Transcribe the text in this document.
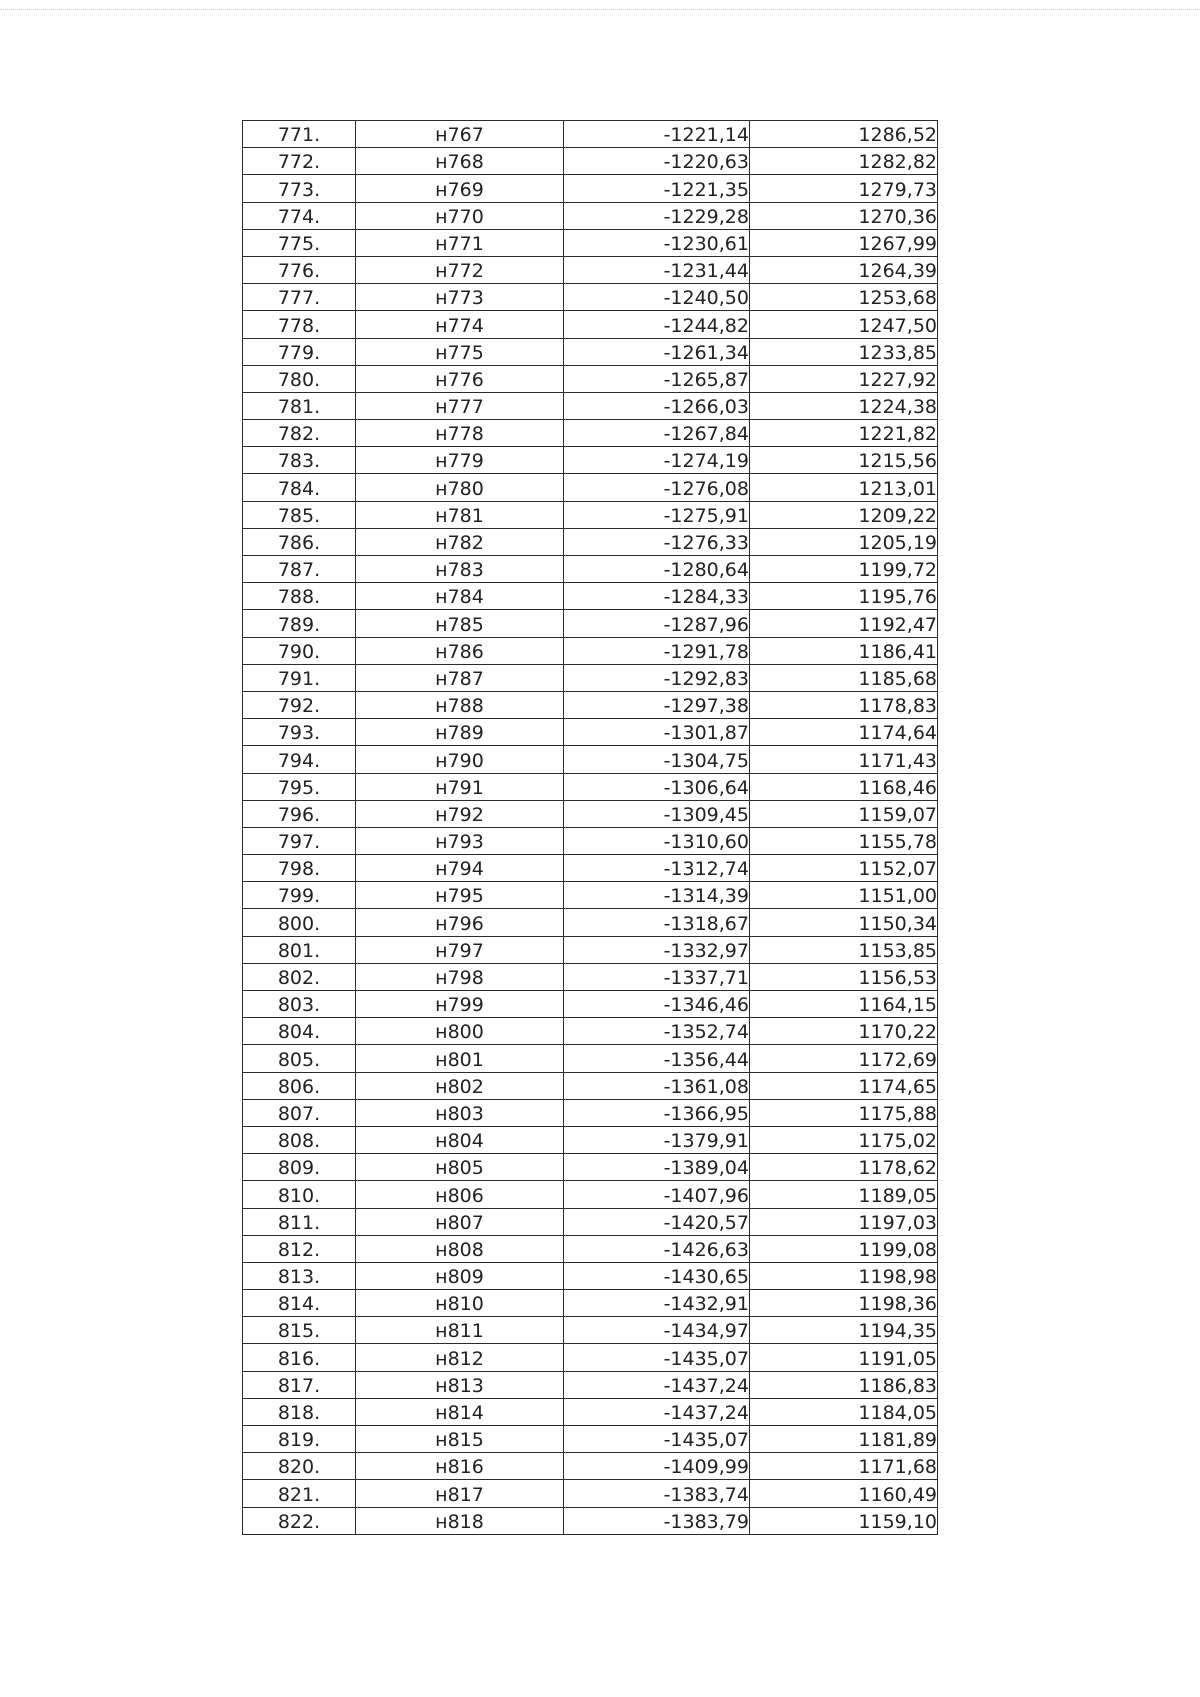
771.	н767	-1221,14	1286,52
772.	н768	-1220,63	1282,82
773.	н769	-1221,35	1279,73
774.	н770	-1229,28	1270,36
775.	н771	-1230,61	1267,99
776.	н772	-1231,44	1264,39
777.	н773	-1240,50	1253,68
778.	н774	-1244,82	1247,50
779.	н775	-1261,34	1233,85
780.	н776	-1265,87	1227,92
781.	н777	-1266,03	1224,38
782.	н778	-1267,84	1221,82
783.	н779	-1274,19	1215,56
784.	н780	-1276,08	1213,01
785.	н781	-1275,91	1209,22
786.	н782	-1276,33	1205,19
787.	н783	-1280,64	1199,72
788.	н784	-1284,33	1195,76
789.	н785	-1287,96	1192,47
790.	н786	-1291,78	1186,41
791.	н787	-1292,83	1185,68
792.	н788	-1297,38	1178,83
793.	н789	-1301,87	1174,64
794.	н790	-1304,75	1171,43
795.	н791	-1306,64	1168,46
796.	н792	-1309,45	1159,07
797.	н793	-1310,60	1155,78
798.	н794	-1312,74	1152,07
799.	н795	-1314,39	1151,00
800.	н796	-1318,67	1150,34
801.	н797	-1332,97	1153,85
802.	н798	-1337,71	1156,53
803.	н799	-1346,46	1164,15
804.	н800	-1352,74	1170,22
805.	н801	-1356,44	1172,69
806.	н802	-1361,08	1174,65
807.	н803	-1366,95	1175,88
808.	н804	-1379,91	1175,02
809.	н805	-1389,04	1178,62
810.	н806	-1407,96	1189,05
811.	н807	-1420,57	1197,03
812.	н808	-1426,63	1199,08
813.	н809	-1430,65	1198,98
814.	н810	-1432,91	1198,36
815.	н811	-1434,97	1194,35
816.	н812	-1435,07	1191,05
817.	н813	-1437,24	1186,83
818.	н814	-1437,24	1184,05
819.	н815	-1435,07	1181,89
820.	н816	-1409,99	1171,68
821.	н817	-1383,74	1160,49
822.	н818	-1383,79	1159,10
